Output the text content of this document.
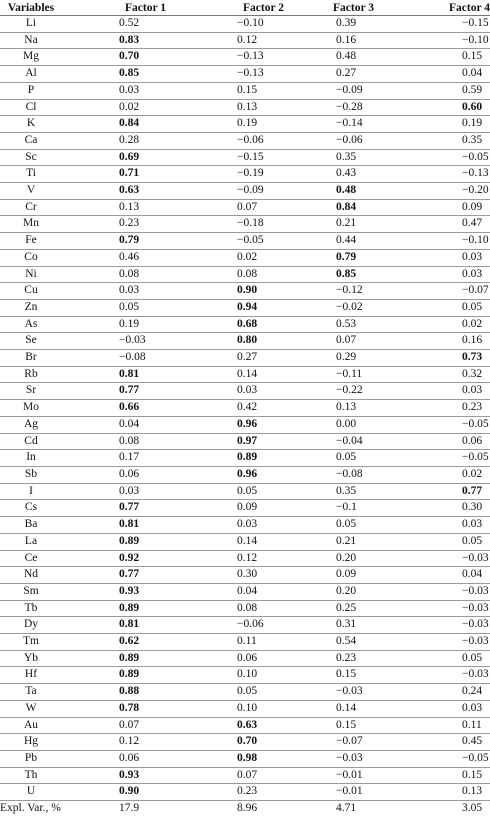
Variables	Factor 1	Factor 2	Factor 3	Factor 4
Li	0.52	−0.10	0.39	−0.15
Na	0.83	0.12	0.16	−0.10
Mg	0.70	−0.13	0.48	0.15
Al	0.85	−0.13	0.27	0.04
P	0.03	0.15	−0.09	0.59
Cl	0.02	0.13	−0.28	0.60
K	0.84	0.19	−0.14	0.19
Ca	0.28	−0.06	−0.06	0.35
Sc	0.69	−0.15	0.35	−0.05
Ti	0.71	−0.19	0.43	−0.13
V	0.63	−0.09	0.48	−0.20
Cr	0.13	0.07	0.84	0.09
Mn	0.23	−0.18	0.21	0.47
Fe	0.79	−0.05	0.44	−0.10
Co	0.46	0.02	0.79	0.03
Ni	0.08	0.08	0.85	0.03
Cu	0.03	0.90	−0.12	−0.07
Zn	0.05	0.94	−0.02	0.05
As	0.19	0.68	0.53	0.02
Se	−0.03	0.80	0.07	0.16
Br	−0.08	0.27	0.29	0.73
Rb	0.81	0.14	−0.11	0.32
Sr	0.77	0.03	−0.22	0.03
Mo	0.66	0.42	0.13	0.23
Ag	0.04	0.96	0.00	−0.05
Cd	0.08	0.97	−0.04	0.06
In	0.17	0.89	0.05	−0.05
Sb	0.06	0.96	−0.08	0.02
I	0.03	0.05	0.35	0.77
Cs	0.77	0.09	−0.1	0.30
Ba	0.81	0.03	0.05	0.03
La	0.89	0.14	0.21	0.05
Ce	0.92	0.12	0.20	−0.03
Nd	0.77	0.30	0.09	0.04
Sm	0.93	0.04	0.20	−0.03
Tb	0.89	0.08	0.25	−0.03
Dy	0.81	−0.06	0.31	−0.03
Tm	0.62	0.11	0.54	−0.03
Yb	0.89	0.06	0.23	0.05
Hf	0.89	0.10	0.15	−0.03
Ta	0.88	0.05	−0.03	0.24
W	0.78	0.10	0.14	0.03
Au	0.07	0.63	0.15	0.11
Hg	0.12	0.70	−0.07	0.45
Pb	0.06	0.98	−0.03	−0.05
Th	0.93	0.07	−0.01	0.15
U	0.90	0.23	−0.01	0.13
Expl. Var., %	17.9	8.96	4.71	3.05
